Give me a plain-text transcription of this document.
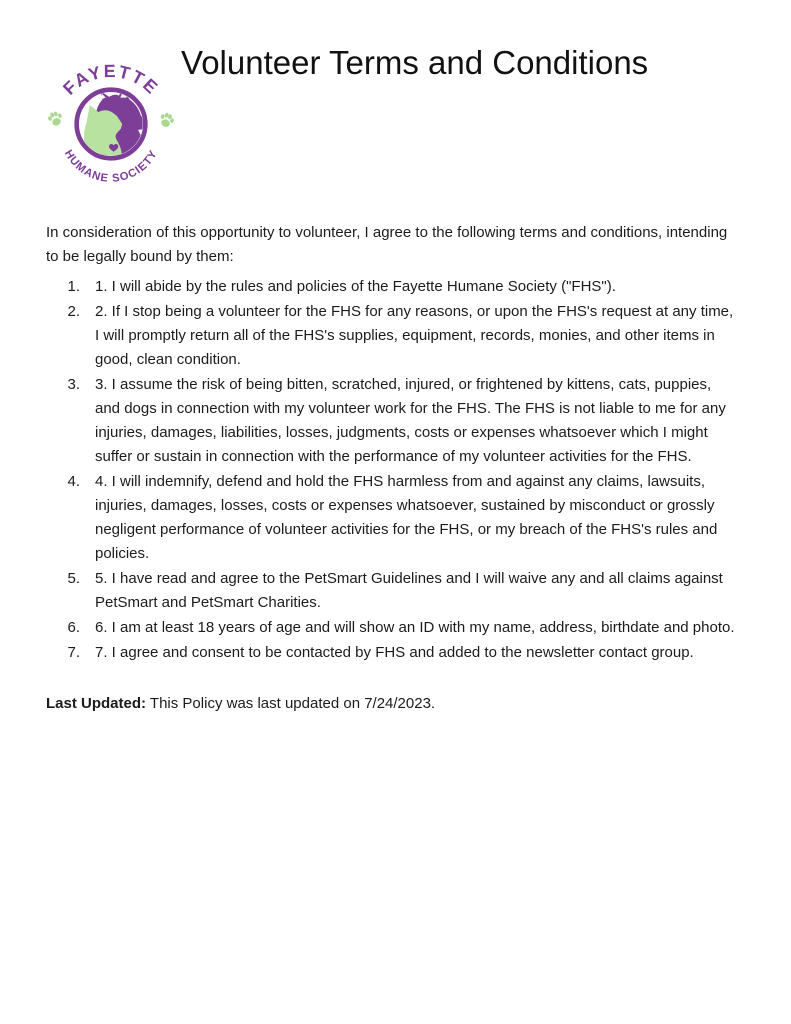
FAYETTE
HUMANE SOCIETY
Volunteer Terms and Conditions

In consideration of this opportunity to volunteer, I agree to the following terms and conditions, intending to be legally bound by them:

1. 1. I will abide by the rules and policies of the Fayette Humane Society ("FHS").
2. 2. If I stop being a volunteer for the FHS for any reasons, or upon the FHS's request at any time, I will promptly return all of the FHS's supplies, equipment, records, monies, and other items in good, clean condition.
3. 3. I assume the risk of being bitten, scratched, injured, or frightened by kittens, cats, puppies, and dogs in connection with my volunteer work for the FHS. The FHS is not liable to me for any injuries, damages, liabilities, losses, judgments, costs or expenses whatsoever which I might suffer or sustain in connection with the performance of my volunteer activities for the FHS.
4. 4. I will indemnify, defend and hold the FHS harmless from and against any claims, lawsuits, injuries, damages, losses, costs or expenses whatsoever, sustained by misconduct or grossly negligent performance of volunteer activities for the FHS, or my breach of the FHS's rules and policies.
5. 5. I have read and agree to the PetSmart Guidelines and I will waive any and all claims against PetSmart and PetSmart Charities.
6. 6. I am at least 18 years of age and will show an ID with my name, address, birthdate and photo.
7. 7. I agree and consent to be contacted by FHS and added to the newsletter contact group.

Last Updated: This Policy was last updated on 7/24/2023.
